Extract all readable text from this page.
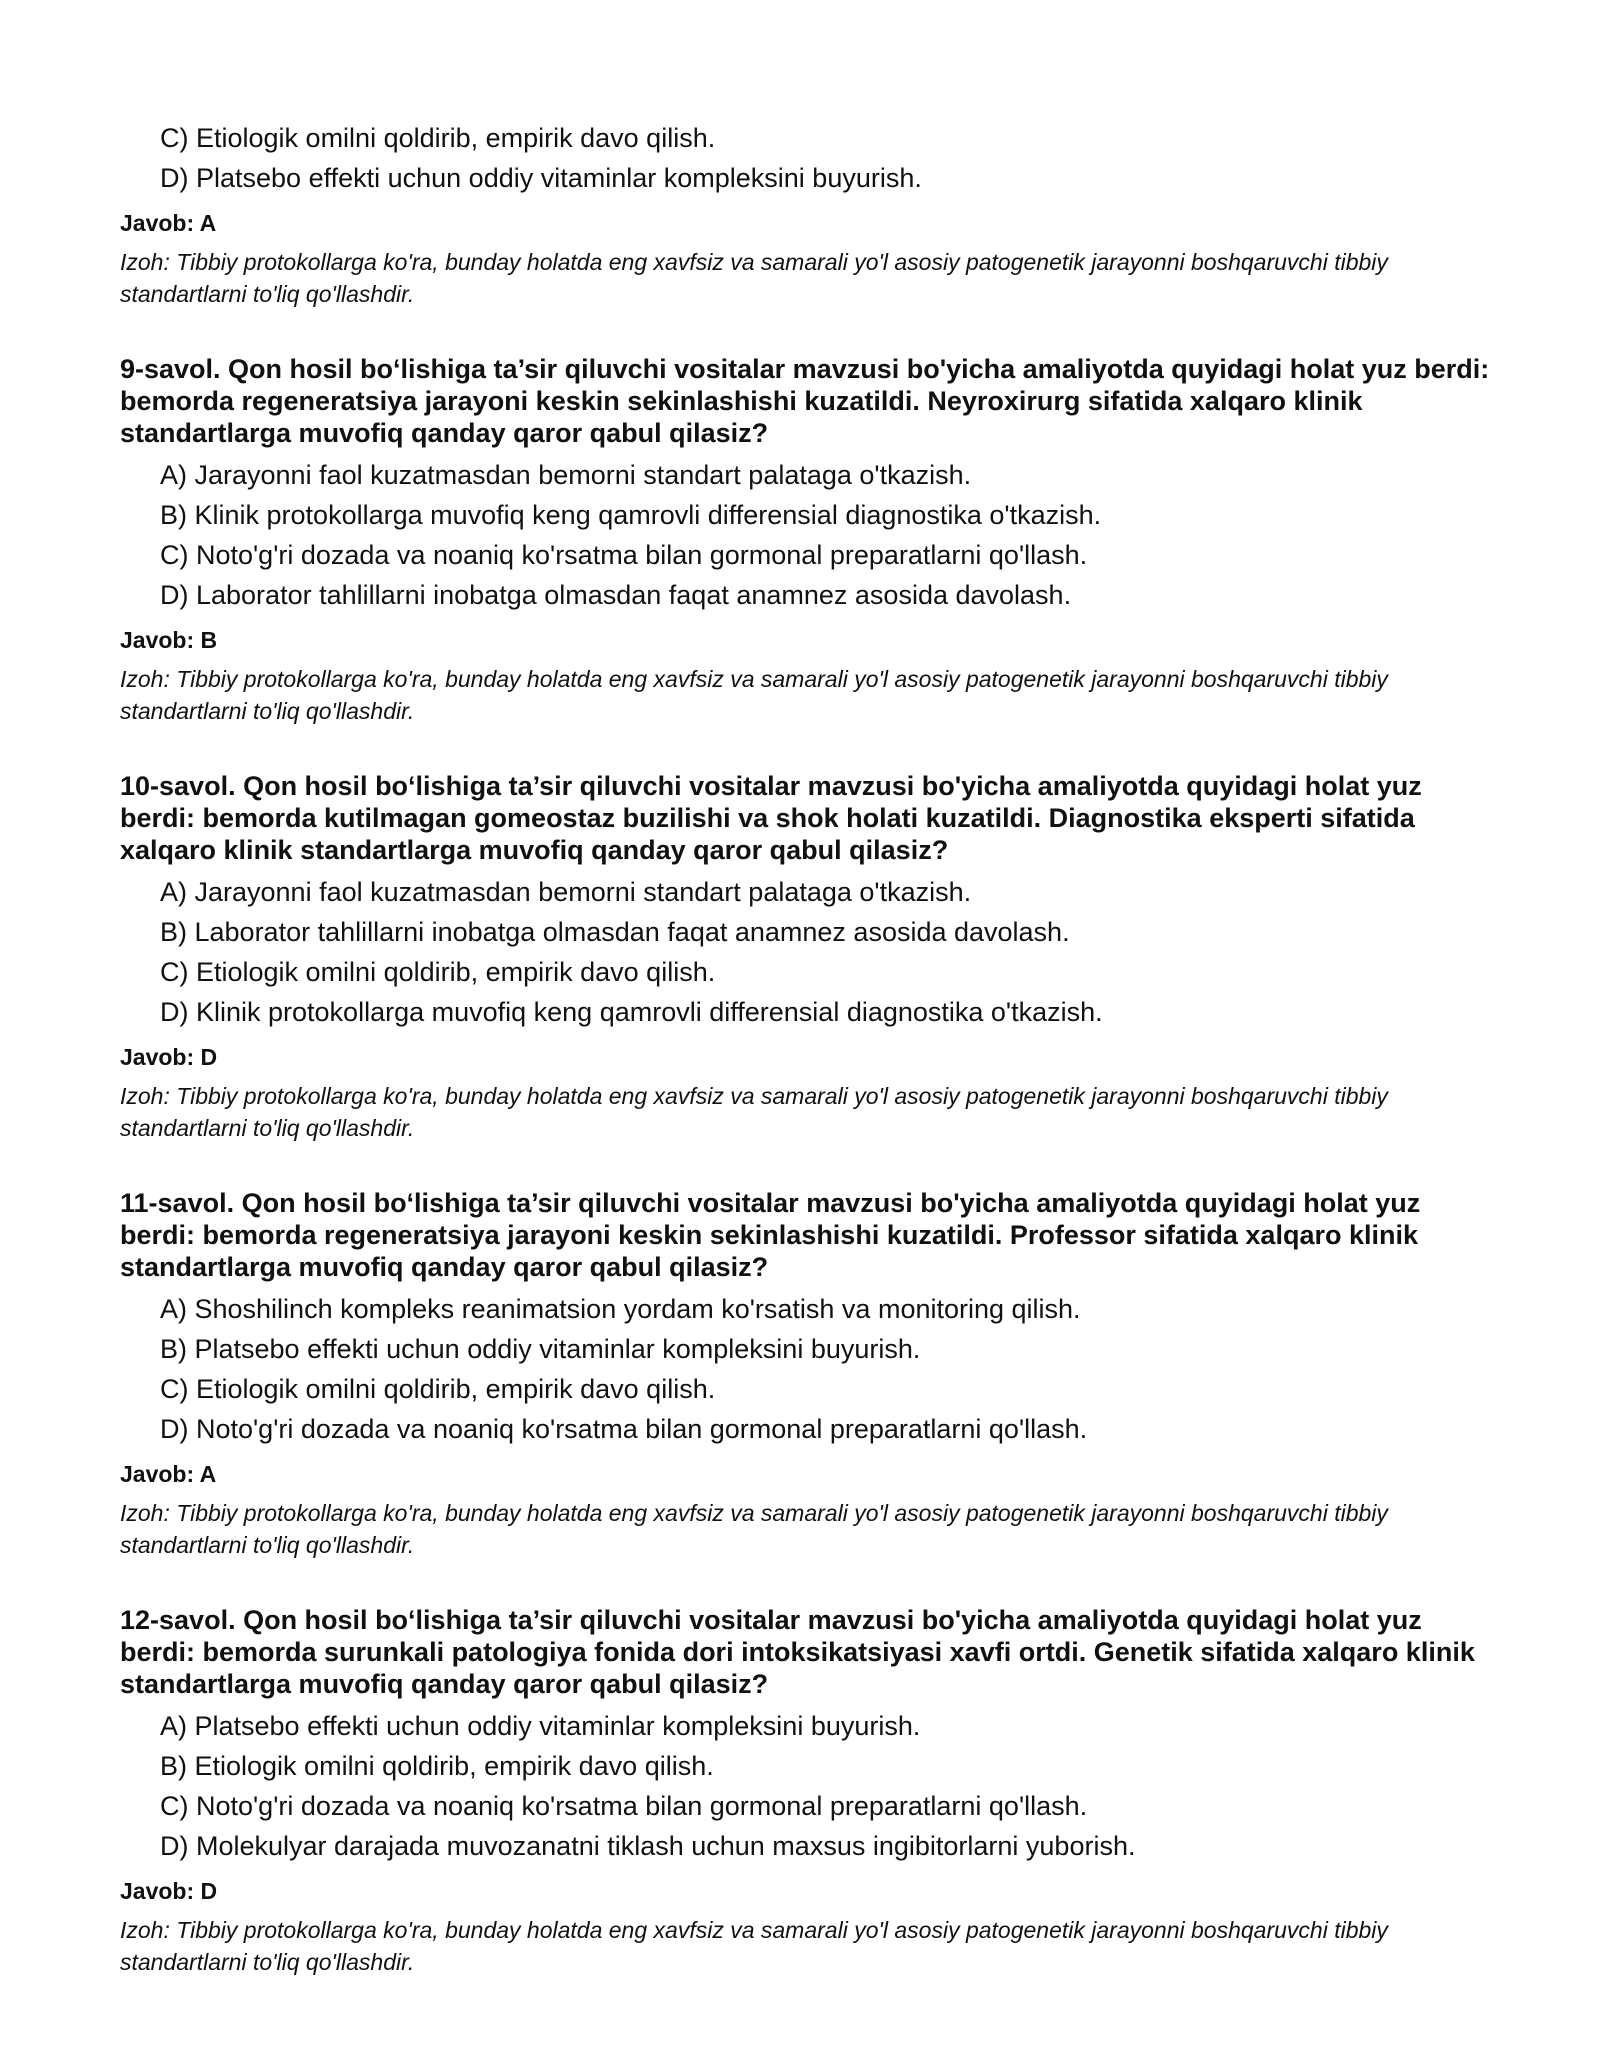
C) Etiologik omilni qoldirib, empirik davo qilish.
D) Platsebo effekti uchun oddiy vitaminlar kompleksini buyurish.
Javob: A
Izoh: Tibbiy protokollarga ko'ra, bunday holatda eng xavfsiz va samarali yo'l asosiy patogenetik jarayonni boshqaruvchi tibbiy standartlarni to'liq qo'llashdir.
9-savol. Qon hosil bo‘lishiga ta’sir qiluvchi vositalar mavzusi bo'yicha amaliyotda quyidagi holat yuz berdi: bemorda regeneratsiya jarayoni keskin sekinlashishi kuzatildi. Neyroxirurg sifatida xalqaro klinik standartlarga muvofiq qanday qaror qabul qilasiz?
A) Jarayonni faol kuzatmasdan bemorni standart palataga o'tkazish.
B) Klinik protokollarga muvofiq keng qamrovli differensial diagnostika o'tkazish.
C) Noto'g'ri dozada va noaniq ko'rsatma bilan gormonal preparatlarni qo'llash.
D) Laborator tahlillarni inobatga olmasdan faqat anamnez asosida davolash.
Javob: B
Izoh: Tibbiy protokollarga ko'ra, bunday holatda eng xavfsiz va samarali yo'l asosiy patogenetik jarayonni boshqaruvchi tibbiy standartlarni to'liq qo'llashdir.
10-savol. Qon hosil bo‘lishiga ta’sir qiluvchi vositalar mavzusi bo'yicha amaliyotda quyidagi holat yuz berdi: bemorda kutilmagan gomeostaz buzilishi va shok holati kuzatildi. Diagnostika eksperti sifatida xalqaro klinik standartlarga muvofiq qanday qaror qabul qilasiz?
A) Jarayonni faol kuzatmasdan bemorni standart palataga o'tkazish.
B) Laborator tahlillarni inobatga olmasdan faqat anamnez asosida davolash.
C) Etiologik omilni qoldirib, empirik davo qilish.
D) Klinik protokollarga muvofiq keng qamrovli differensial diagnostika o'tkazish.
Javob: D
Izoh: Tibbiy protokollarga ko'ra, bunday holatda eng xavfsiz va samarali yo'l asosiy patogenetik jarayonni boshqaruvchi tibbiy standartlarni to'liq qo'llashdir.
11-savol. Qon hosil bo‘lishiga ta’sir qiluvchi vositalar mavzusi bo'yicha amaliyotda quyidagi holat yuz berdi: bemorda regeneratsiya jarayoni keskin sekinlashishi kuzatildi. Professor sifatida xalqaro klinik standartlarga muvofiq qanday qaror qabul qilasiz?
A) Shoshilinch kompleks reanimatsion yordam ko'rsatish va monitoring qilish.
B) Platsebo effekti uchun oddiy vitaminlar kompleksini buyurish.
C) Etiologik omilni qoldirib, empirik davo qilish.
D) Noto'g'ri dozada va noaniq ko'rsatma bilan gormonal preparatlarni qo'llash.
Javob: A
Izoh: Tibbiy protokollarga ko'ra, bunday holatda eng xavfsiz va samarali yo'l asosiy patogenetik jarayonni boshqaruvchi tibbiy standartlarni to'liq qo'llashdir.
12-savol. Qon hosil bo‘lishiga ta’sir qiluvchi vositalar mavzusi bo'yicha amaliyotda quyidagi holat yuz berdi: bemorda surunkali patologiya fonida dori intoksikatsiyasi xavfi ortdi. Genetik sifatida xalqaro klinik standartlarga muvofiq qanday qaror qabul qilasiz?
A) Platsebo effekti uchun oddiy vitaminlar kompleksini buyurish.
B) Etiologik omilni qoldirib, empirik davo qilish.
C) Noto'g'ri dozada va noaniq ko'rsatma bilan gormonal preparatlarni qo'llash.
D) Molekulyar darajada muvozanatni tiklash uchun maxsus ingibitorlarni yuborish.
Javob: D
Izoh: Tibbiy protokollarga ko'ra, bunday holatda eng xavfsiz va samarali yo'l asosiy patogenetik jarayonni boshqaruvchi tibbiy standartlarni to'liq qo'llashdir.
